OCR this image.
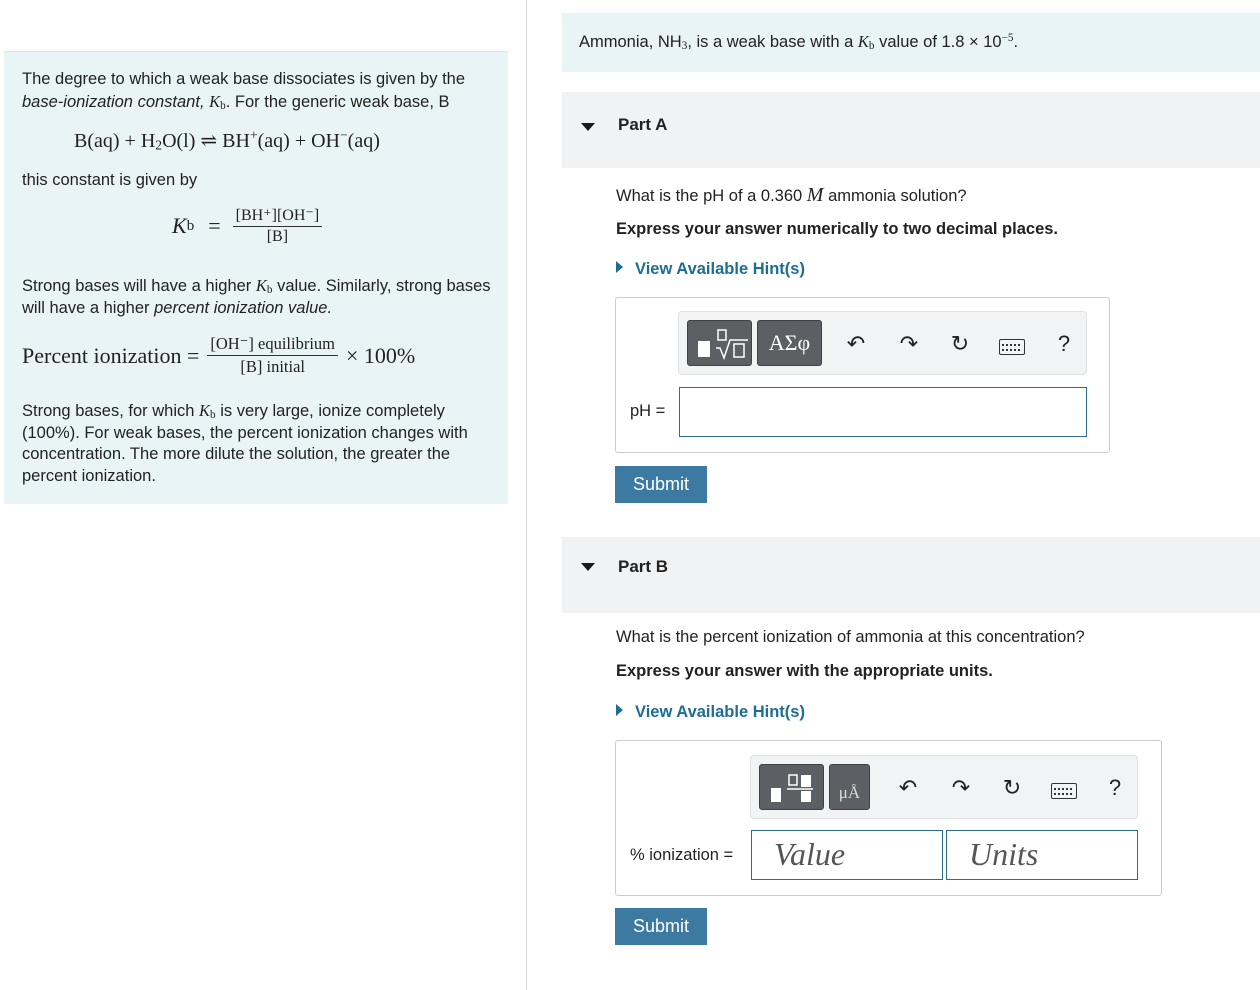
The degree to which a weak base dissociates is given by the
base-ionization constant, $K_b$. For the generic weak base, B
$B(aq) + H_2O(l)$ ⇌ BH+(aq) + OH−(aq)
this constant is given by
K $b = \frac{[BH^+][OH^-]}{[B]}$
Strong bases will have a higher $K_b$ value. Similarly, strong bases will have a higher percent ionization value.
Percent ionization = $\frac{\text{[OH⁻] equilibrium}}{\text{[B] initial}} \times 100\%$
Strong bases, for which $K_b$ is very large, ionize completely (100%). For weak bases, the percent ionization changes with concentration. The more dilute the solution, the greater the percent ionization.
Ammonia, $NH_3$, is a weak base with a $K_b$ value of $1.8 \times 10^{-5}$.
Part A
What is the pH of a 0.360 M ammonia solution?
Express your answer numerically to two decimal places.
View Available Hint(s)
ΑΣφ	↶ ↷ ↻	?
pH =
Submit
Part B
What is the percent ionization of ammonia at this concentration?
Express your answer with the appropriate units.
View Available Hint(s)
μÅ	↶ ↷ ↻	?
% ionization = Value	Units
Submit
